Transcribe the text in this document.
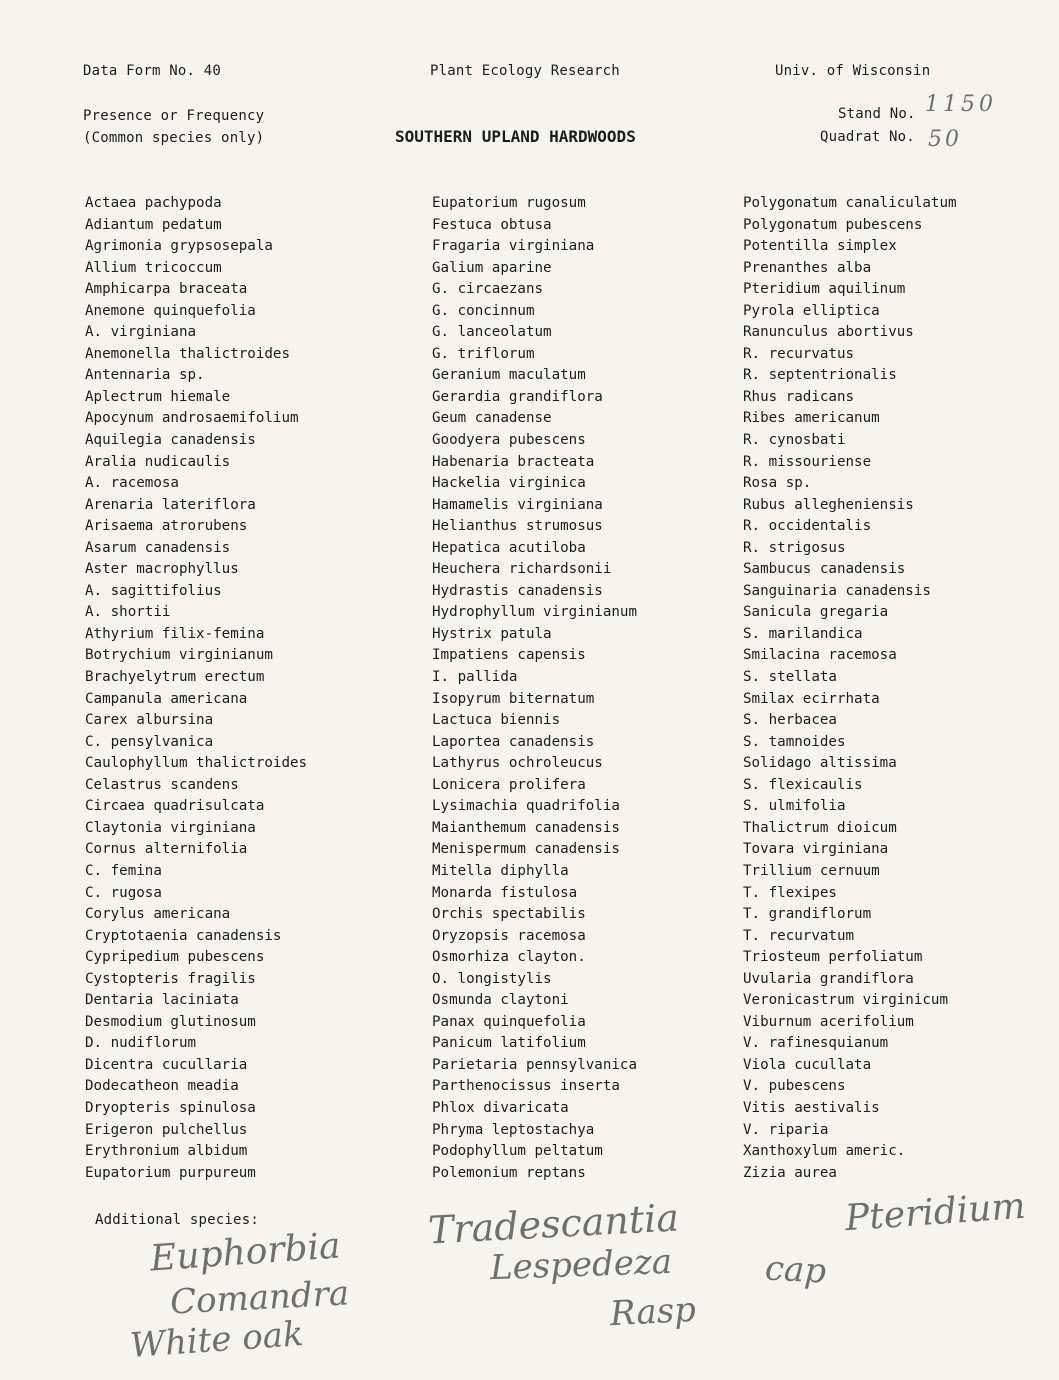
Data Form No. 40	Plant Ecology Research	Univ. of Wisconsin
Presence or Frequency
(Common species only)	SOUTHERN UPLAND HARDWOODS
Stand No. 1150
Quadrat No. 50
Actaea pachypoda
Adiantum pedatum
Agrimonia grypsosepala
Allium tricoccum
Amphicarpa braceata
Anemone quinquefolia
A. virginiana
Anemonella thalictroides
Antennaria sp.
Aplectrum hiemale
Apocynum androsaemifolium
Aquilegia canadensis
Aralia nudicaulis
A. racemosa
Arenaria lateriflora
Arisaema atrorubens
Asarum canadensis
Aster macrophyllus
A. sagittifolius
A. shortii
Athyrium filix-femina
Botrychium virginianum
Brachyelytrum erectum
Campanula americana
Carex albursina
C. pensylvanica
Caulophyllum thalictroides
Celastrus scandens
Circaea quadrisulcata
Claytonia virginiana
Cornus alternifolia
C. femina
C. rugosa
Corylus americana
Cryptotaenia canadensis
Cypripedium pubescens
Cystopteris fragilis
Dentaria laciniata
Desmodium glutinosum
D. nudiflorum
Dicentra cucullaria
Dodecatheon meadia
Dryopteris spinulosa
Erigeron pulchellus
Erythronium albidum
Eupatorium purpureum
Eupatorium rugosum
Festuca obtusa
Fragaria virginiana
Galium aparine
G. circaezans
G. concinnum
G. lanceolatum
G. triflorum
Geranium maculatum
Gerardia grandiflora
Geum canadense
Goodyera pubescens
Habenaria bracteata
Hackelia virginica
Hamamelis virginiana
Helianthus strumosus
Hepatica acutiloba
Heuchera richardsonii
Hydrastis canadensis
Hydrophyllum virginianum
Hystrix patula
Impatiens capensis
I. pallida
Isopyrum biternatum
Lactuca biennis
Laportea canadensis
Lathyrus ochroleucus
Lonicera prolifera
Lysimachia quadrifolia
Maianthemum canadensis
Menispermum canadensis
Mitella diphylla
Monarda fistulosa
Orchis spectabilis
Oryzopsis racemosa
Osmorhiza clayton.
O. longistylis
Osmunda claytoni
Panax quinquefolia
Panicum latifolium
Parietaria pennsylvanica
Parthenocissus inserta
Phlox divaricata
Phryma leptostachya
Podophyllum peltatum
Polemonium reptans
Polygonatum canaliculatum
Polygonatum pubescens
Potentilla simplex
Prenanthes alba
Pteridium aquilinum
Pyrola elliptica
Ranunculus abortivus
R. recurvatus
R. septentrionalis
Rhus radicans
Ribes americanum
R. cynosbati
R. missouriense
Rosa sp.
Rubus allegheniensis
R. occidentalis
R. strigosus
Sambucus canadensis
Sanguinaria canadensis
Sanicula gregaria
S. marilandica
Smilacina racemosa
S. stellata
Smilax ecirrhata
S. herbacea
S. tamnoides
Solidago altissima
S. flexicaulis
S. ulmifolia
Thalictrum dioicum
Tovara virginiana
Trillium cernuum
T. flexipes
T. grandiflorum
T. recurvatum
Triosteum perfoliatum
Uvularia grandiflora
Veronicastrum virginicum
Viburnum acerifolium
V. rafinesquianum
Viola cucullata
V. pubescens
Vitis aestivalis
V. riparia
Xanthoxylum americ.
Zizia aurea
Additional species:
Euphorbia
Comandra
White oak
Tradescantia
Lespedeza
Rasp
Pteridium
cap
